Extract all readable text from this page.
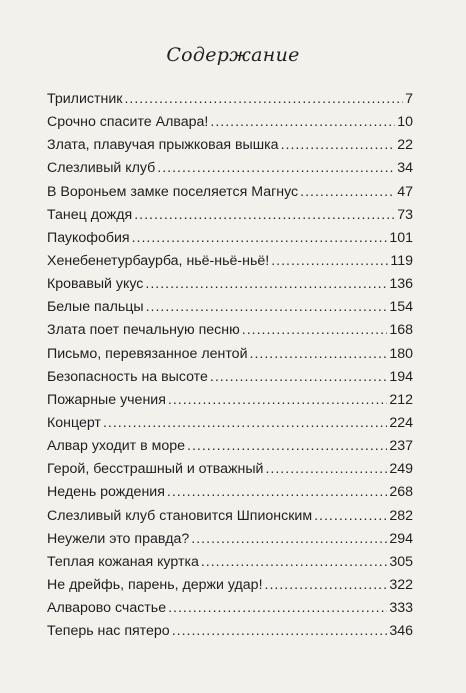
Содержание
Трилистник .....	7
Срочно спасите Алвара! .....	10
Злата, плавучая прыжковая вышка .....	22
Слезливый клуб .....	34
В Вороньем замке поселяется Магнус .....	47
Танец дождя .....	73
Паукофобия .....	101
Хенебенетурбаурба, ньё-ньё-ньё! .....	119
Кровавый укус .....	136
Белые пальцы .....	154
Злата поет печальную песню .....	168
Письмо, перевязанное лентой .....	180
Безопасность на высоте .....	194
Пожарные учения .....	212
Концерт .....	224
Алвар уходит в море .....	237
Герой, бесстрашный и отважный .....	249
Недень рождения .....	268
Слезливый клуб становится Шпионским .....	282
Неужели это правда? .....	294
Теплая кожаная куртка .....	305
Не дрейфь, парень, держи удар! .....	322
Алварово счастье .....	333
Теперь нас пятеро .....	346
